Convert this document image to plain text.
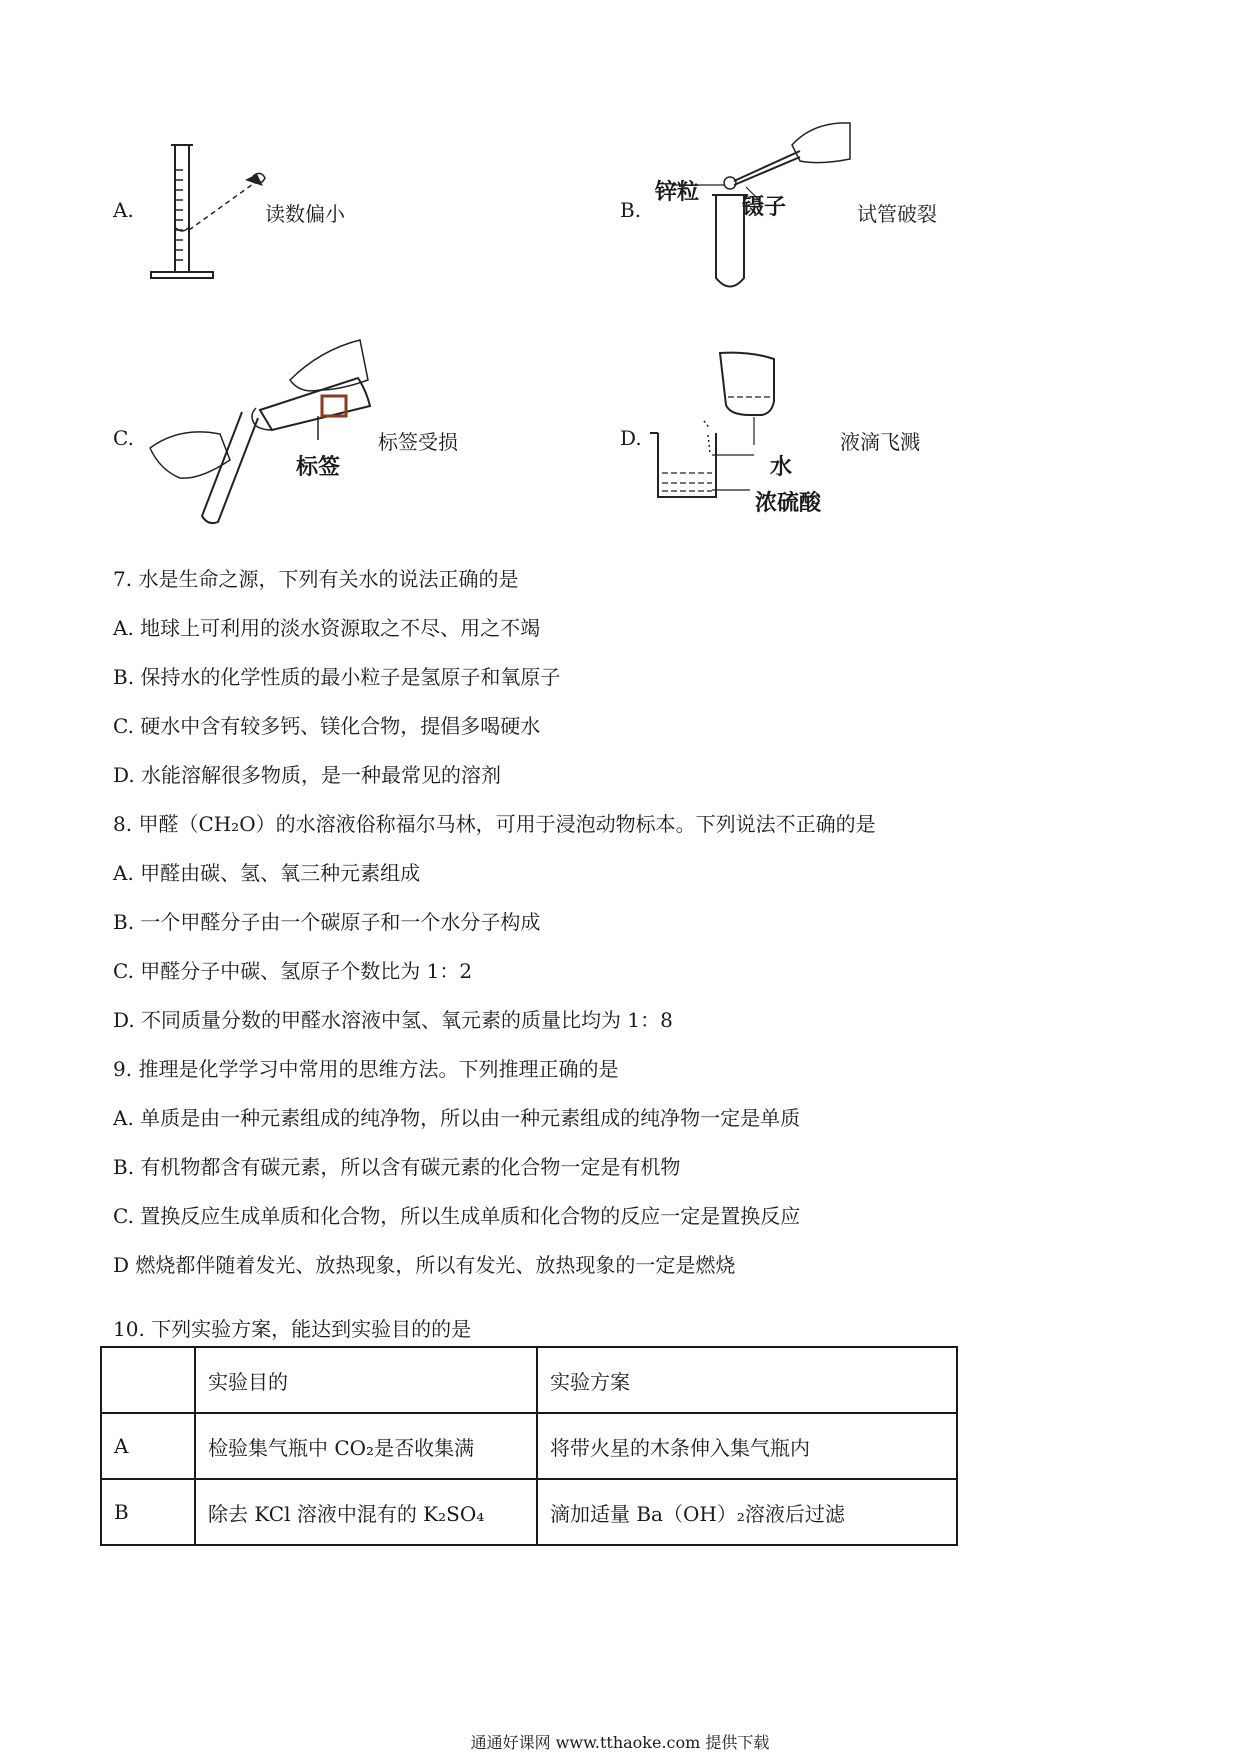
A.	读数偏小	B.
锌粒
镊子	试管破裂
C.
标签
标签受损	D.
水
浓硫酸
液滴飞溅
7. 水是生命之源，下列有关水的说法正确的是
A. 地球上可利用的淡水资源取之不尽、用之不竭
B. 保持水的化学性质的最小粒子是氢原子和氧原子
C. 硬水中含有较多钙、镁化合物，提倡多喝硬水
D. 水能溶解很多物质，是一种最常见的溶剂
8. 甲醛（CH₂O）的水溶液俗称福尔马林，可用于浸泡动物标本。下列说法不正确的是
A. 甲醛由碳、氢、氧三种元素组成
B. 一个甲醛分子由一个碳原子和一个水分子构成
C. 甲醛分子中碳、氢原子个数比为 1：2
D. 不同质量分数的甲醛水溶液中氢、氧元素的质量比均为 1：8
9. 推理是化学学习中常用的思维方法。下列推理正确的是
A. 单质是由一种元素组成的纯净物，所以由一种元素组成的纯净物一定是单质
B. 有机物都含有碳元素，所以含有碳元素的化合物一定是有机物
C. 置换反应生成单质和化合物，所以生成单质和化合物的反应一定是置换反应
D 燃烧都伴随着发光、放热现象，所以有发光、放热现象的一定是燃烧
10. 下列实验方案，能达到实验目的的是
	实验目的	实验方案
A	检验集气瓶中 CO₂是否收集满	将带火星的木条伸入集气瓶内
B	除去 KCl 溶液中混有的 K₂SO₄	滴加适量 Ba（OH）₂溶液后过滤
通通好课网 www.tthaoke.com 提供下载
